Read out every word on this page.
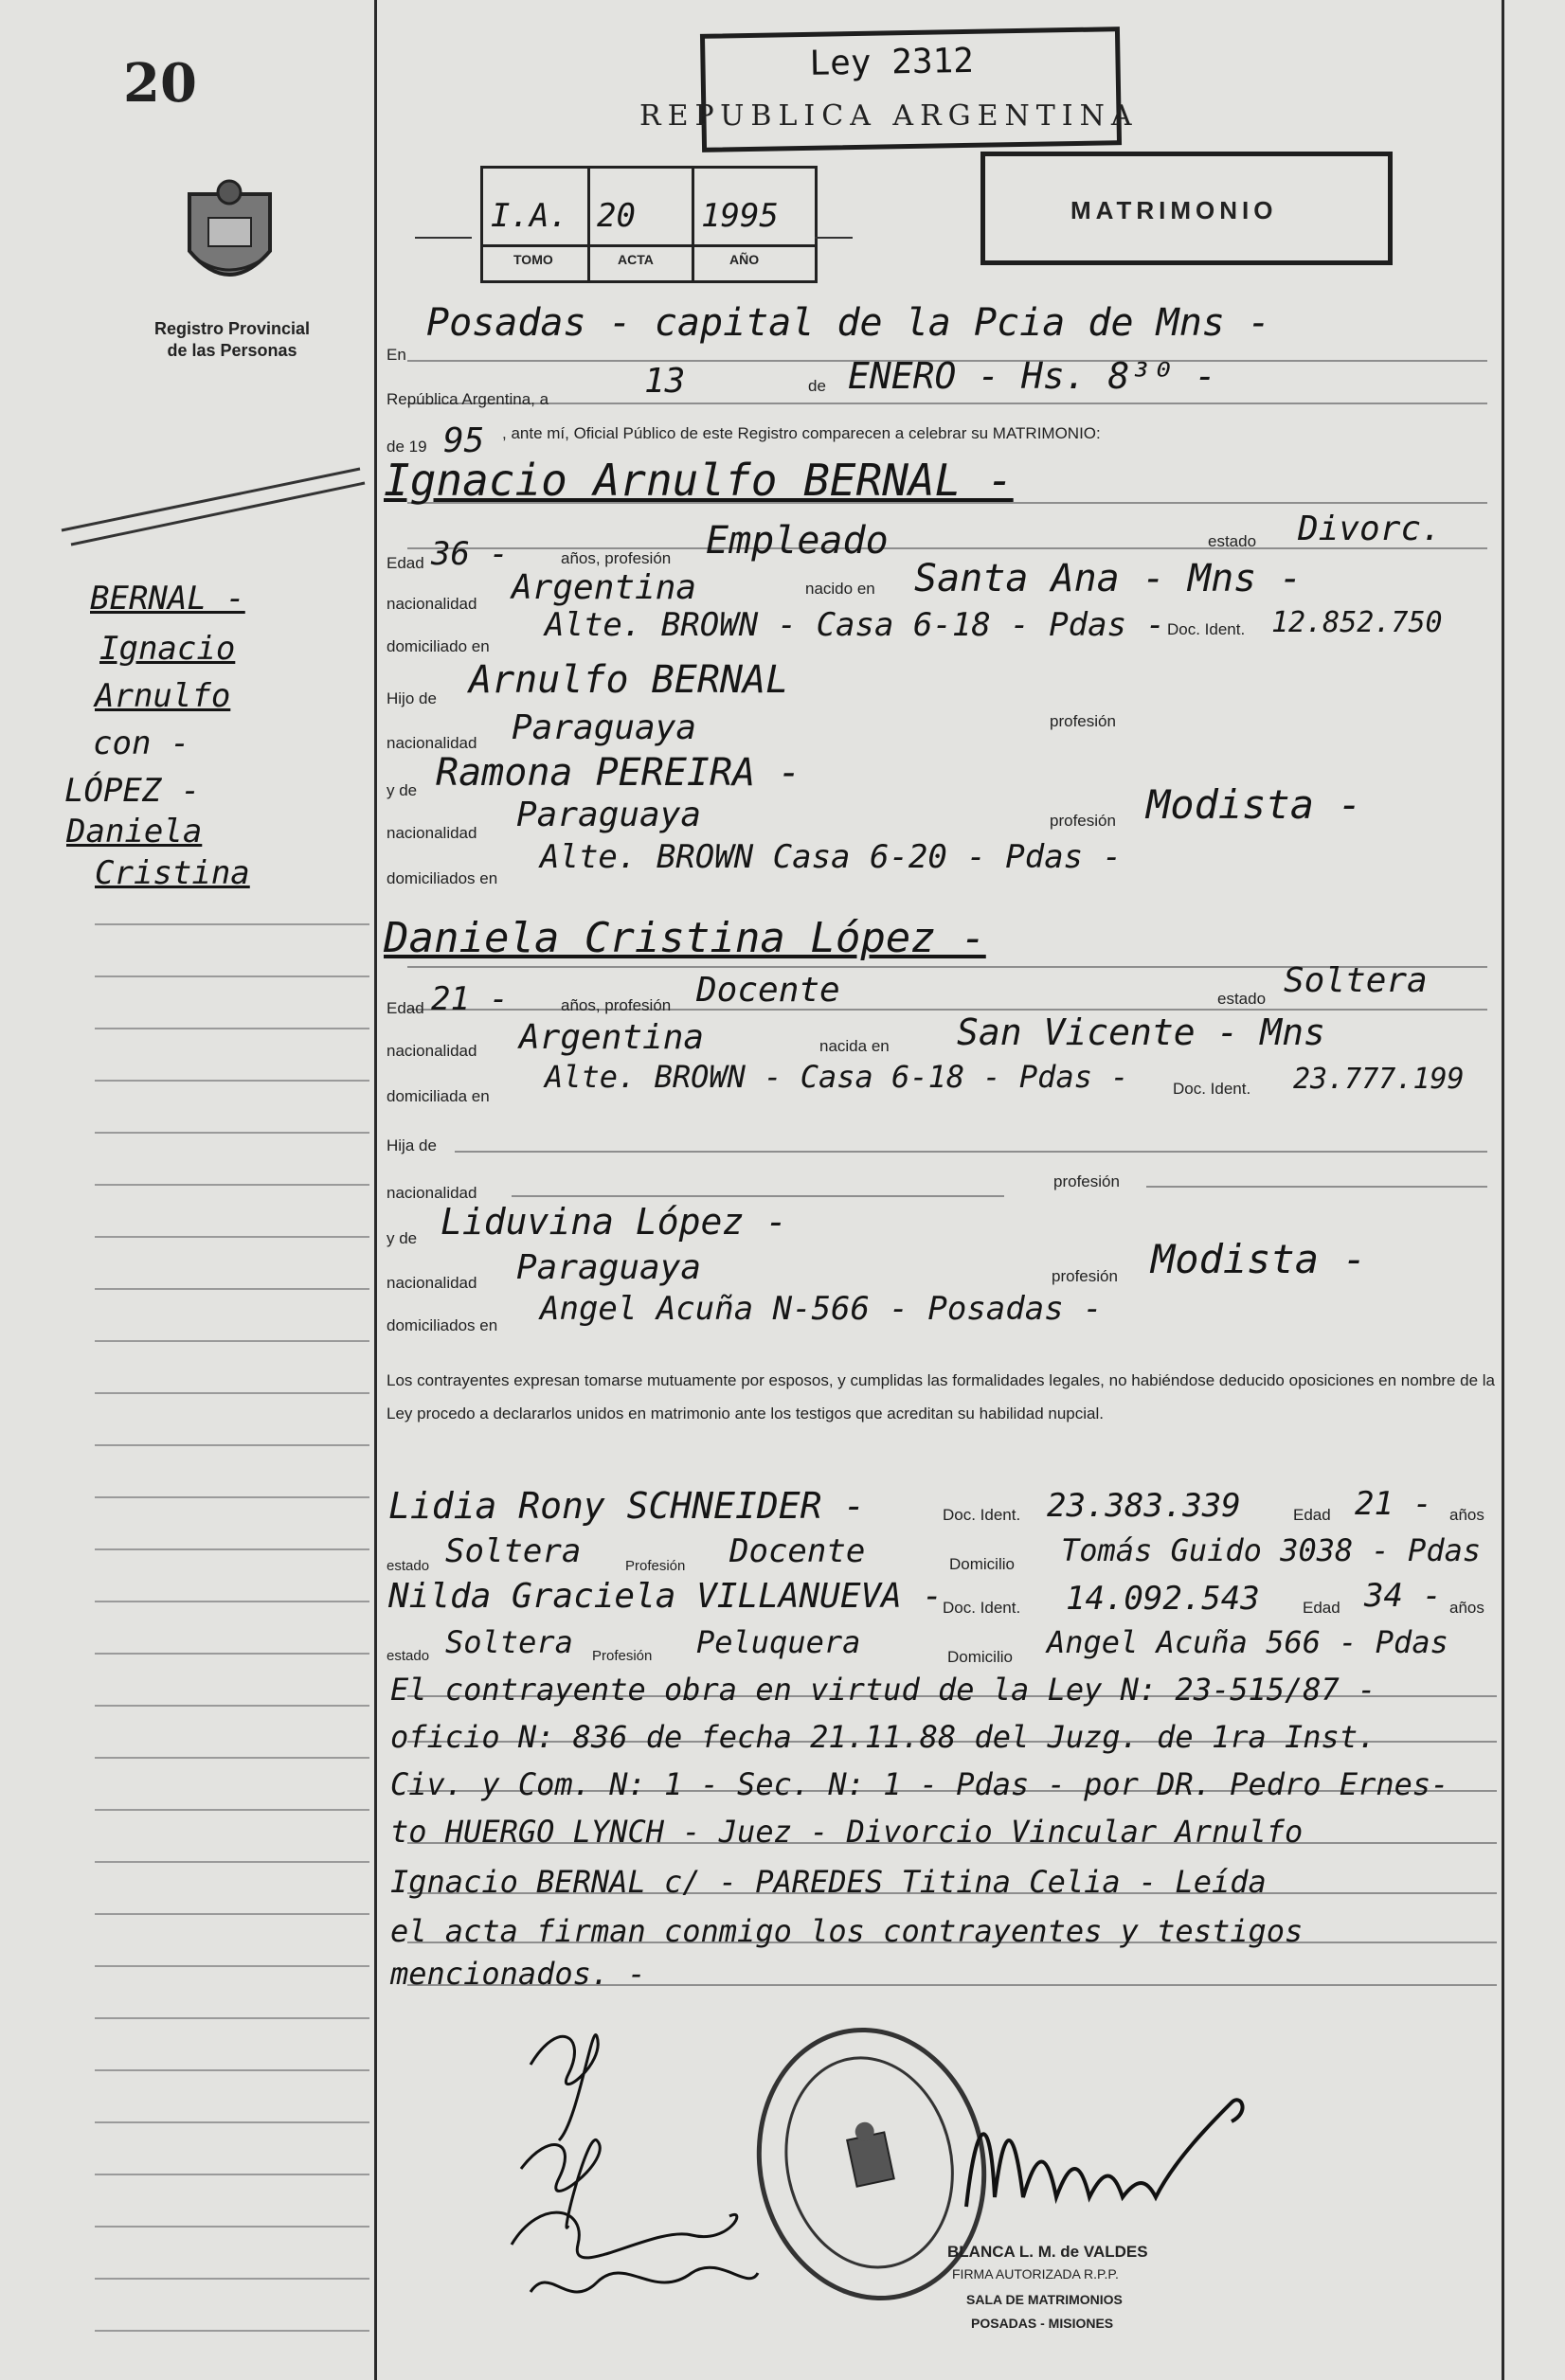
20
Registro Provincial
de las Personas
Ley 2312
REPUBLICA ARGENTINA
MATRIMONIO
I.A. 20 1995
TOMO	ACTA	AÑO
En
Posadas - capital de la Pcia de Mns -
República Argentina, a	13	de ENERO - Hs. 8³⁰ -
de 19 95 , ante mí, Oficial Público de este Registro comparecen a celebrar su MATRIMONIO:
Ignacio Arnulfo BERNAL -
Edad 36 -	años, profesión Empleado	estado Divorc.
nacionalidad Argentina	nacido en Santa Ana - Mns -
domiciliado en
Alte. BROWN - Casa 6-18 - Pdas - Doc. Ident. 12.852.750
Hijo de Arnulfo BERNAL
nacionalidad Paraguaya	profesión
y de Ramona PEREIRA -
nacionalidad Paraguaya	profesión Modista -
domiciliados en
Alte. BROWN Casa 6-20 - Pdas -
Daniela Cristina López -
Edad 21 -	años, profesión Docente	estado Soltera
nacionalidad Argentina	nacida en San Vicente - Mns
domiciliada en
Alte. BROWN - Casa 6-18 - Pdas -	Doc. Ident. 23.777.199
Hija de
nacionalidad
profesión
y de Liduvina López -
nacionalidad Paraguaya	profesión Modista -
domiciliados en Angel Acuña N-566 - Posadas -
Los contrayentes expresan tomarse mutuamente por esposos, y cumplidas las formalidades legales, no habiéndose deducido oposiciones en nombre de la Ley procedo a declararlos unidos en matrimonio ante los testigos que acreditan su habilidad nupcial.
Lidia Rony SCHNEIDER -	Doc. Ident. 23.383.339	Edad 21 - años
estado Soltera	Profesión Docente	Domicilio Tomás Guido 3038 - Pdas
Nilda Graciela VILLANUEVA - Doc. Ident. 14.092.543	Edad 34 - años
estado Soltera Profesión Peluquera	Domicilio Angel Acuña 566 - Pdas
El contrayente obra en virtud de la Ley N: 23-515/87 -
oficio N: 836 de fecha 21.11.88 del Juzg. de 1ra Inst.
Civ. y Com. N: 1 - Sec. N: 1 - Pdas - por DR. Pedro Ernes-
to HUERGO LYNCH - Juez - Divorcio Vincular Arnulfo
Ignacio BERNAL c/ - PAREDES Titina Celia - Leída
el acta firman conmigo los contrayentes y testigos
mencionados. -
BERNAL -
Ignacio
Arnulfo
con -
LÓPEZ -
Daniela
Cristina
BLANCA L. M. de VALDES
FIRMA AUTORIZADA R.P.P.
SALA DE MATRIMONIOS
POSADAS - MISIONES
